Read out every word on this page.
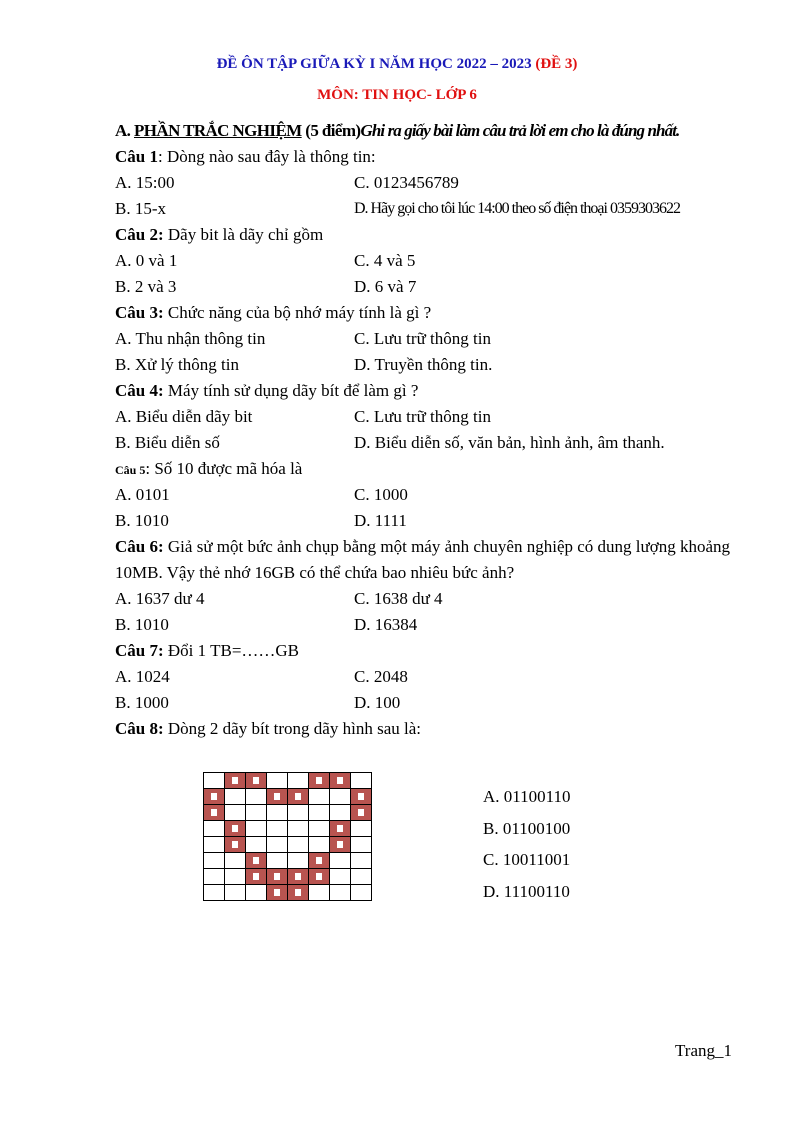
ĐỀ ÔN TẬP GIỮA KỲ I NĂM HỌC 2022 – 2023 (ĐỀ 3)
MÔN: TIN HỌC- LỚP 6
A. PHẦN TRẮC NGHIỆM (5 điểm)Ghi ra giấy bài làm câu trả lời em cho là đúng nhất.
Câu 1: Dòng nào sau đây là thông tin:
A. 15:00	C. 0123456789
B. 15-x	D. Hãy gọi cho tôi lúc 14:00 theo số điện thoại 0359303622
Câu 2: Dãy bit là dãy chỉ gồm
A. 0 và 1	C. 4 và 5
B. 2 và 3	D. 6 và 7
Câu 3: Chức năng của bộ nhớ máy tính là gì ?
A. Thu nhận thông tin	C. Lưu trữ thông tin
B. Xử lý thông tin	D. Truyền thông tin.
Câu 4: Máy tính sử dụng dãy bít để làm gì ?
A. Biểu diễn dãy bit	C. Lưu trữ thông tin
B. Biểu diễn số	D. Biểu diễn số, văn bản, hình ảnh, âm thanh.
Câu 5: Số 10 được mã hóa là
A. 0101	C. 1000
B. 1010	D. 1111
Câu 6: Giả sử một bức ảnh chụp bằng một máy ảnh chuyên nghiệp có dung lượng khoảng 10MB. Vậy thẻ nhớ 16GB có thể chứa bao nhiêu bức ảnh?
A. 1637 dư 4	C. 1638 dư 4
B. 1010	D. 16384
Câu 7: Đổi 1 TB=……GB
A. 1024	C. 2048
B. 1000	D. 100
Câu 8: Dòng 2 dãy bít trong dãy hình sau là:

A. 01100110
B. 01100100
C. 10011001
D. 11100110
Trang_1
